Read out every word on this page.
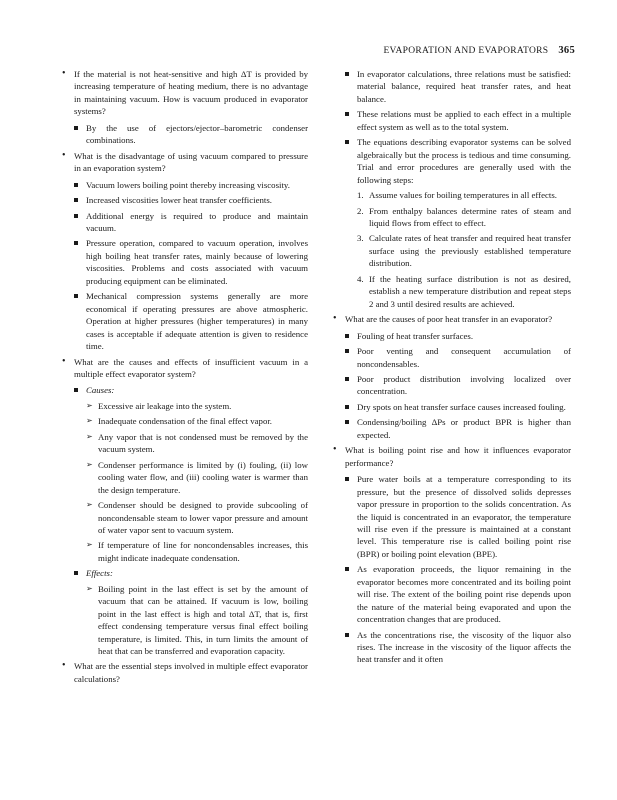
EVAPORATION AND EVAPORATORS 365
• If the material is not heat-sensitive and high ΔT is provided by increasing temperature of heating medium, there is no advantage in maintaining vacuum. How is vacuum produced in evaporator systems?
By the use of ejectors/ejector–barometric condenser combinations.
• What is the disadvantage of using vacuum compared to pressure in an evaporation system?
Vacuum lowers boiling point thereby increasing viscosity.
Increased viscosities lower heat transfer coefficients.
Additional energy is required to produce and maintain vacuum.
Pressure operation, compared to vacuum operation, involves high boiling heat transfer rates, mainly because of lowering viscosities. Problems and costs associated with vacuum producing equipment can be eliminated.
Mechanical compression systems generally are more economical if operating pressures are above atmospheric. Operation at higher pressures (higher temperatures) in many cases is acceptable if adequate attention is given to residence time.
• What are the causes and effects of insufficient vacuum in a multiple effect evaporator system?
Causes:
➢ Excessive air leakage into the system.
➢ Inadequate condensation of the final effect vapor.
➢ Any vapor that is not condensed must be removed by the vacuum system.
➢ Condenser performance is limited by (i) fouling, (ii) low cooling water flow, and (iii) cooling water is warmer than the design temperature.
➢ Condenser should be designed to provide subcooling of noncondensable steam to lower vapor pressure and amount of water vapor sent to vacuum system.
➢ If temperature of line for noncondensables increases, this might indicate inadequate condensation.
Effects:
➢ Boiling point in the last effect is set by the amount of vacuum that can be attained. If vacuum is low, boiling point in the last effect is high and total ΔT, that is, first effect condensing temperature versus final effect boiling temperature, is limited. This, in turn limits the amount of heat that can be transferred and evaporation capacity.
• What are the essential steps involved in multiple effect evaporator calculations?
In evaporator calculations, three relations must be satisfied: material balance, required heat transfer rates, and heat balance.
These relations must be applied to each effect in a multiple effect system as well as to the total system.
The equations describing evaporator systems can be solved algebraically but the process is tedious and time consuming. Trial and error procedures are generally used with the following steps:
1. Assume values for boiling temperatures in all effects.
2. From enthalpy balances determine rates of steam and liquid flows from effect to effect.
3. Calculate rates of heat transfer and required heat transfer surface using the previously established temperature distribution.
4. If the heating surface distribution is not as desired, establish a new temperature distribution and repeat steps 2 and 3 until desired results are achieved.
• What are the causes of poor heat transfer in an evaporator?
Fouling of heat transfer surfaces.
Poor venting and consequent accumulation of noncondensables.
Poor product distribution involving localized over concentration.
Dry spots on heat transfer surface causes increased fouling.
Condensing/boiling ΔPs or product BPR is higher than expected.
• What is boiling point rise and how it influences evaporator performance?
Pure water boils at a temperature corresponding to its pressure, but the presence of dissolved solids depresses vapor pressure in proportion to the solids concentration. As the liquid is concentrated in an evaporator, the temperature will rise even if the pressure is maintained at a constant level. This temperature rise is called boiling point rise (BPR) or boiling point elevation (BPE).
As evaporation proceeds, the liquor remaining in the evaporator becomes more concentrated and its boiling point will rise. The extent of the boiling point rise depends upon the nature of the material being evaporated and upon the concentration changes that are produced.
As the concentrations rise, the viscosity of the liquor also rises. The increase in the viscosity of the liquor affects the heat transfer and it often
